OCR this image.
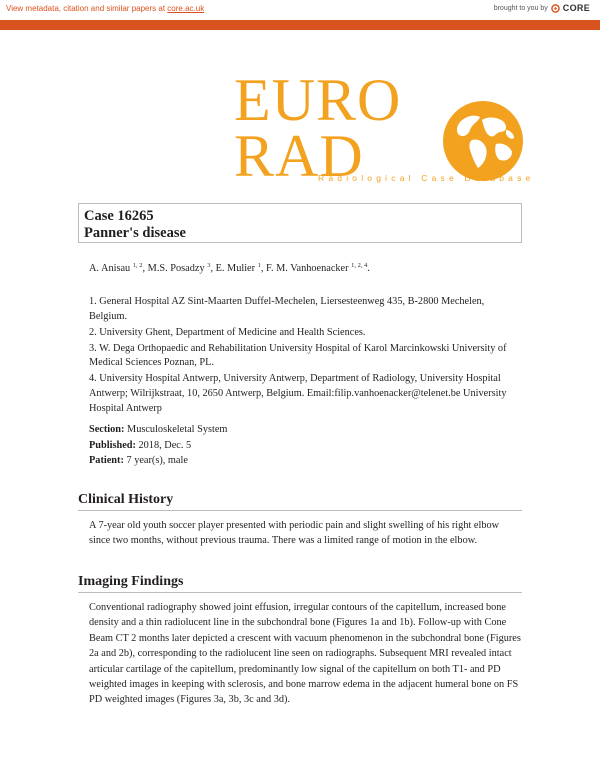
View metadata, citation and similar papers at core.ac.uk	brought to you by CORE
provided by Ghent University Academic Bibliography
EURO
RAD
Radiological Case Database
Case 16265
Panner's disease
A. Anisau $^{1, 2}$, M.S. Posadzy $^3$, E. Mulier $^1$, F. M. Vanhoenacker $^{1, 2, 4}$.

1. General Hospital AZ Sint-Maarten Duffel-Mechelen, Liersesteenweg 435, B-2800 Mechelen, Belgium.

2. University Ghent, Department of Medicine and Health Sciences.

3. W. Dega Orthopaedic and Rehabilitation University Hospital of Karol Marcinkowski University of Medical Sciences Poznan, PL.

4. University Hospital Antwerp, University Antwerp, Department of Radiology, University Hospital Antwerp; Wilrijkstraat, 10, 2650 Antwerp, Belgium. Email:filip.vanhoenacker@telenet.be University Hospital Antwerp

Section: Musculoskeletal System
Published: 2018, Dec. 5
Patient: 7 year(s), male
Clinical History
A 7-year old youth soccer player presented with periodic pain and slight swelling of his right elbow since two months, without previous trauma. There was a limited range of motion in the elbow.
Imaging Findings
Conventional radiography showed joint effusion, irregular contours of the capitellum, increased bone density and a thin radiolucent line in the subchondral bone (Figures 1a and 1b). Follow-up with Cone Beam CT 2 months later depicted a crescent with vacuum phenomenon in the subchondral bone (Figures 2a and 2b), corresponding to the radiolucent line seen on radiographs. Subsequent MRI revealed intact articular cartilage of the capitellum, predominantly low signal of the capitellum on both T1- and PD weighted images in keeping with sclerosis, and bone marrow edema in the adjacent humeral bone on FS PD weighted images (Figures 3a, 3b, 3c and 3d).
